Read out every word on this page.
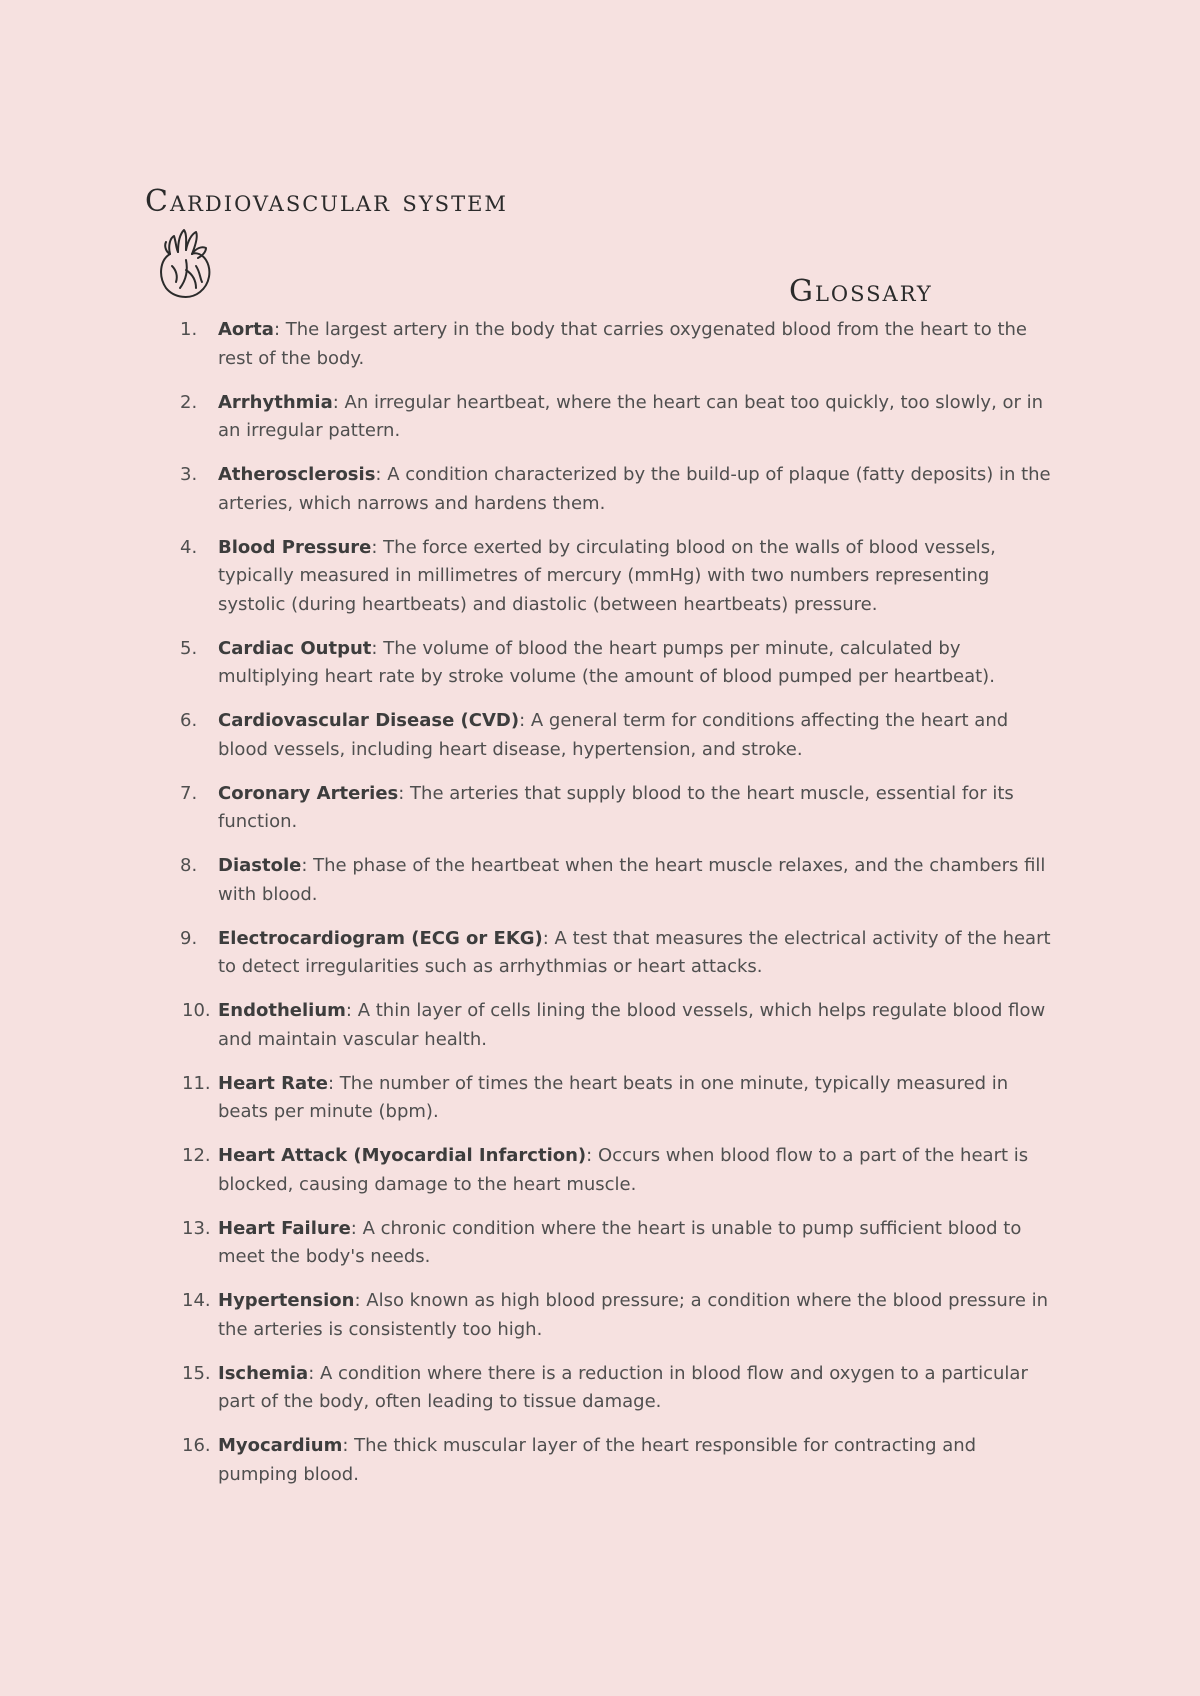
Cardiovascular system
Glossary
1. Aorta: The largest artery in the body that carries oxygenated blood from the heart to the rest of the body.
2. Arrhythmia: An irregular heartbeat, where the heart can beat too quickly, too slowly, or in an irregular pattern.
3. Atherosclerosis: A condition characterized by the build-up of plaque (fatty deposits) in the arteries, which narrows and hardens them.
4. Blood Pressure: The force exerted by circulating blood on the walls of blood vessels, typically measured in millimetres of mercury (mmHg) with two numbers representing systolic (during heartbeats) and diastolic (between heartbeats) pressure.
5. Cardiac Output: The volume of blood the heart pumps per minute, calculated by multiplying heart rate by stroke volume (the amount of blood pumped per heartbeat).
6. Cardiovascular Disease (CVD): A general term for conditions affecting the heart and blood vessels, including heart disease, hypertension, and stroke.
7. Coronary Arteries: The arteries that supply blood to the heart muscle, essential for its function.
8. Diastole: The phase of the heartbeat when the heart muscle relaxes, and the chambers fill with blood.
9. Electrocardiogram (ECG or EKG): A test that measures the electrical activity of the heart to detect irregularities such as arrhythmias or heart attacks.
10. Endothelium: A thin layer of cells lining the blood vessels, which helps regulate blood flow and maintain vascular health.
11. Heart Rate: The number of times the heart beats in one minute, typically measured in beats per minute (bpm).
12. Heart Attack (Myocardial Infarction): Occurs when blood flow to a part of the heart is blocked, causing damage to the heart muscle.
13. Heart Failure: A chronic condition where the heart is unable to pump sufficient blood to meet the body's needs.
14. Hypertension: Also known as high blood pressure; a condition where the blood pressure in the arteries is consistently too high.
15. Ischemia: A condition where there is a reduction in blood flow and oxygen to a particular part of the body, often leading to tissue damage.
16. Myocardium: The thick muscular layer of the heart responsible for contracting and pumping blood.
